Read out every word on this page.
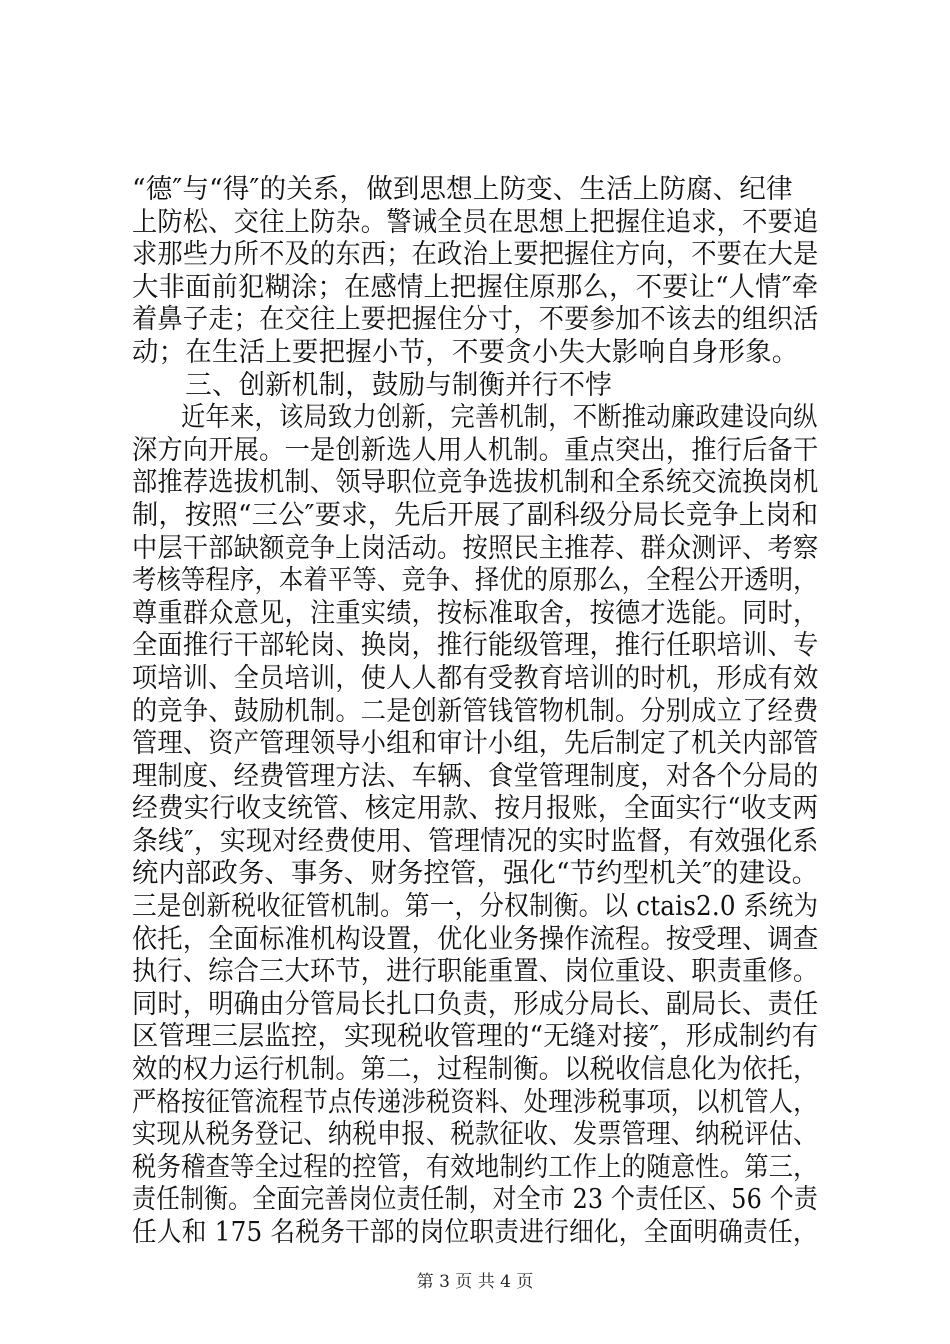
“德″与“得″的关系，做到思想上防变、生活上防腐、纪律
上防松、交往上防杂。警诫全员在思想上把握住追求，不要追
求那些力所不及的东西；在政治上要把握住方向，不要在大是
大非面前犯糊涂；在感情上把握住原那么，不要让“人情″牵
着鼻子走；在交往上要把握住分寸，不要参加不该去的组织活
动；在生活上要把握小节，不要贪小失大影响自身形象。
　　三、创新机制，鼓励与制衡并行不悖
　　近年来，该局致力创新，完善机制，不断推动廉政建设向纵
深方向开展。一是创新选人用人机制。重点突出，推行后备干
部推荐选拔机制、领导职位竞争选拔机制和全系统交流换岗机
制，按照“三公″要求，先后开展了副科级分局长竞争上岗和
中层干部缺额竞争上岗活动。按照民主推荐、群众测评、考察
考核等程序，本着平等、竞争、择优的原那么，全程公开透明，
尊重群众意见，注重实绩，按标准取舍，按德才选能。同时，
全面推行干部轮岗、换岗，推行能级管理，推行任职培训、专
项培训、全员培训，使人人都有受教育培训的时机，形成有效
的竞争、鼓励机制。二是创新管钱管物机制。分别成立了经费
管理、资产管理领导小组和审计小组，先后制定了机关内部管
理制度、经费管理方法、车辆、食堂管理制度，对各个分局的
经费实行收支统管、核定用款、按月报账，全面实行“收支两
条线″，实现对经费使用、管理情况的实时监督，有效强化系
统内部政务、事务、财务控管，强化“节约型机关″的建设。
三是创新税收征管机制。第一，分权制衡。以 ctais2.0 系统为
依托，全面标准机构设置，优化业务操作流程。按受理、调查
执行、综合三大环节，进行职能重置、岗位重设、职责重修。
同时，明确由分管局长扎口负责，形成分局长、副局长、责任
区管理三层监控，实现税收管理的“无缝对接″，形成制约有
效的权力运行机制。第二，过程制衡。以税收信息化为依托，
严格按征管流程节点传递涉税资料、处理涉税事项，以机管人，
实现从税务登记、纳税申报、税款征收、发票管理、纳税评估、
税务稽查等全过程的控管，有效地制约工作上的随意性。第三，
责任制衡。全面完善岗位责任制，对全市 23 个责任区、56 个责
任人和 175 名税务干部的岗位职责进行细化，全面明确责任，
第 3 页 共 4 页
